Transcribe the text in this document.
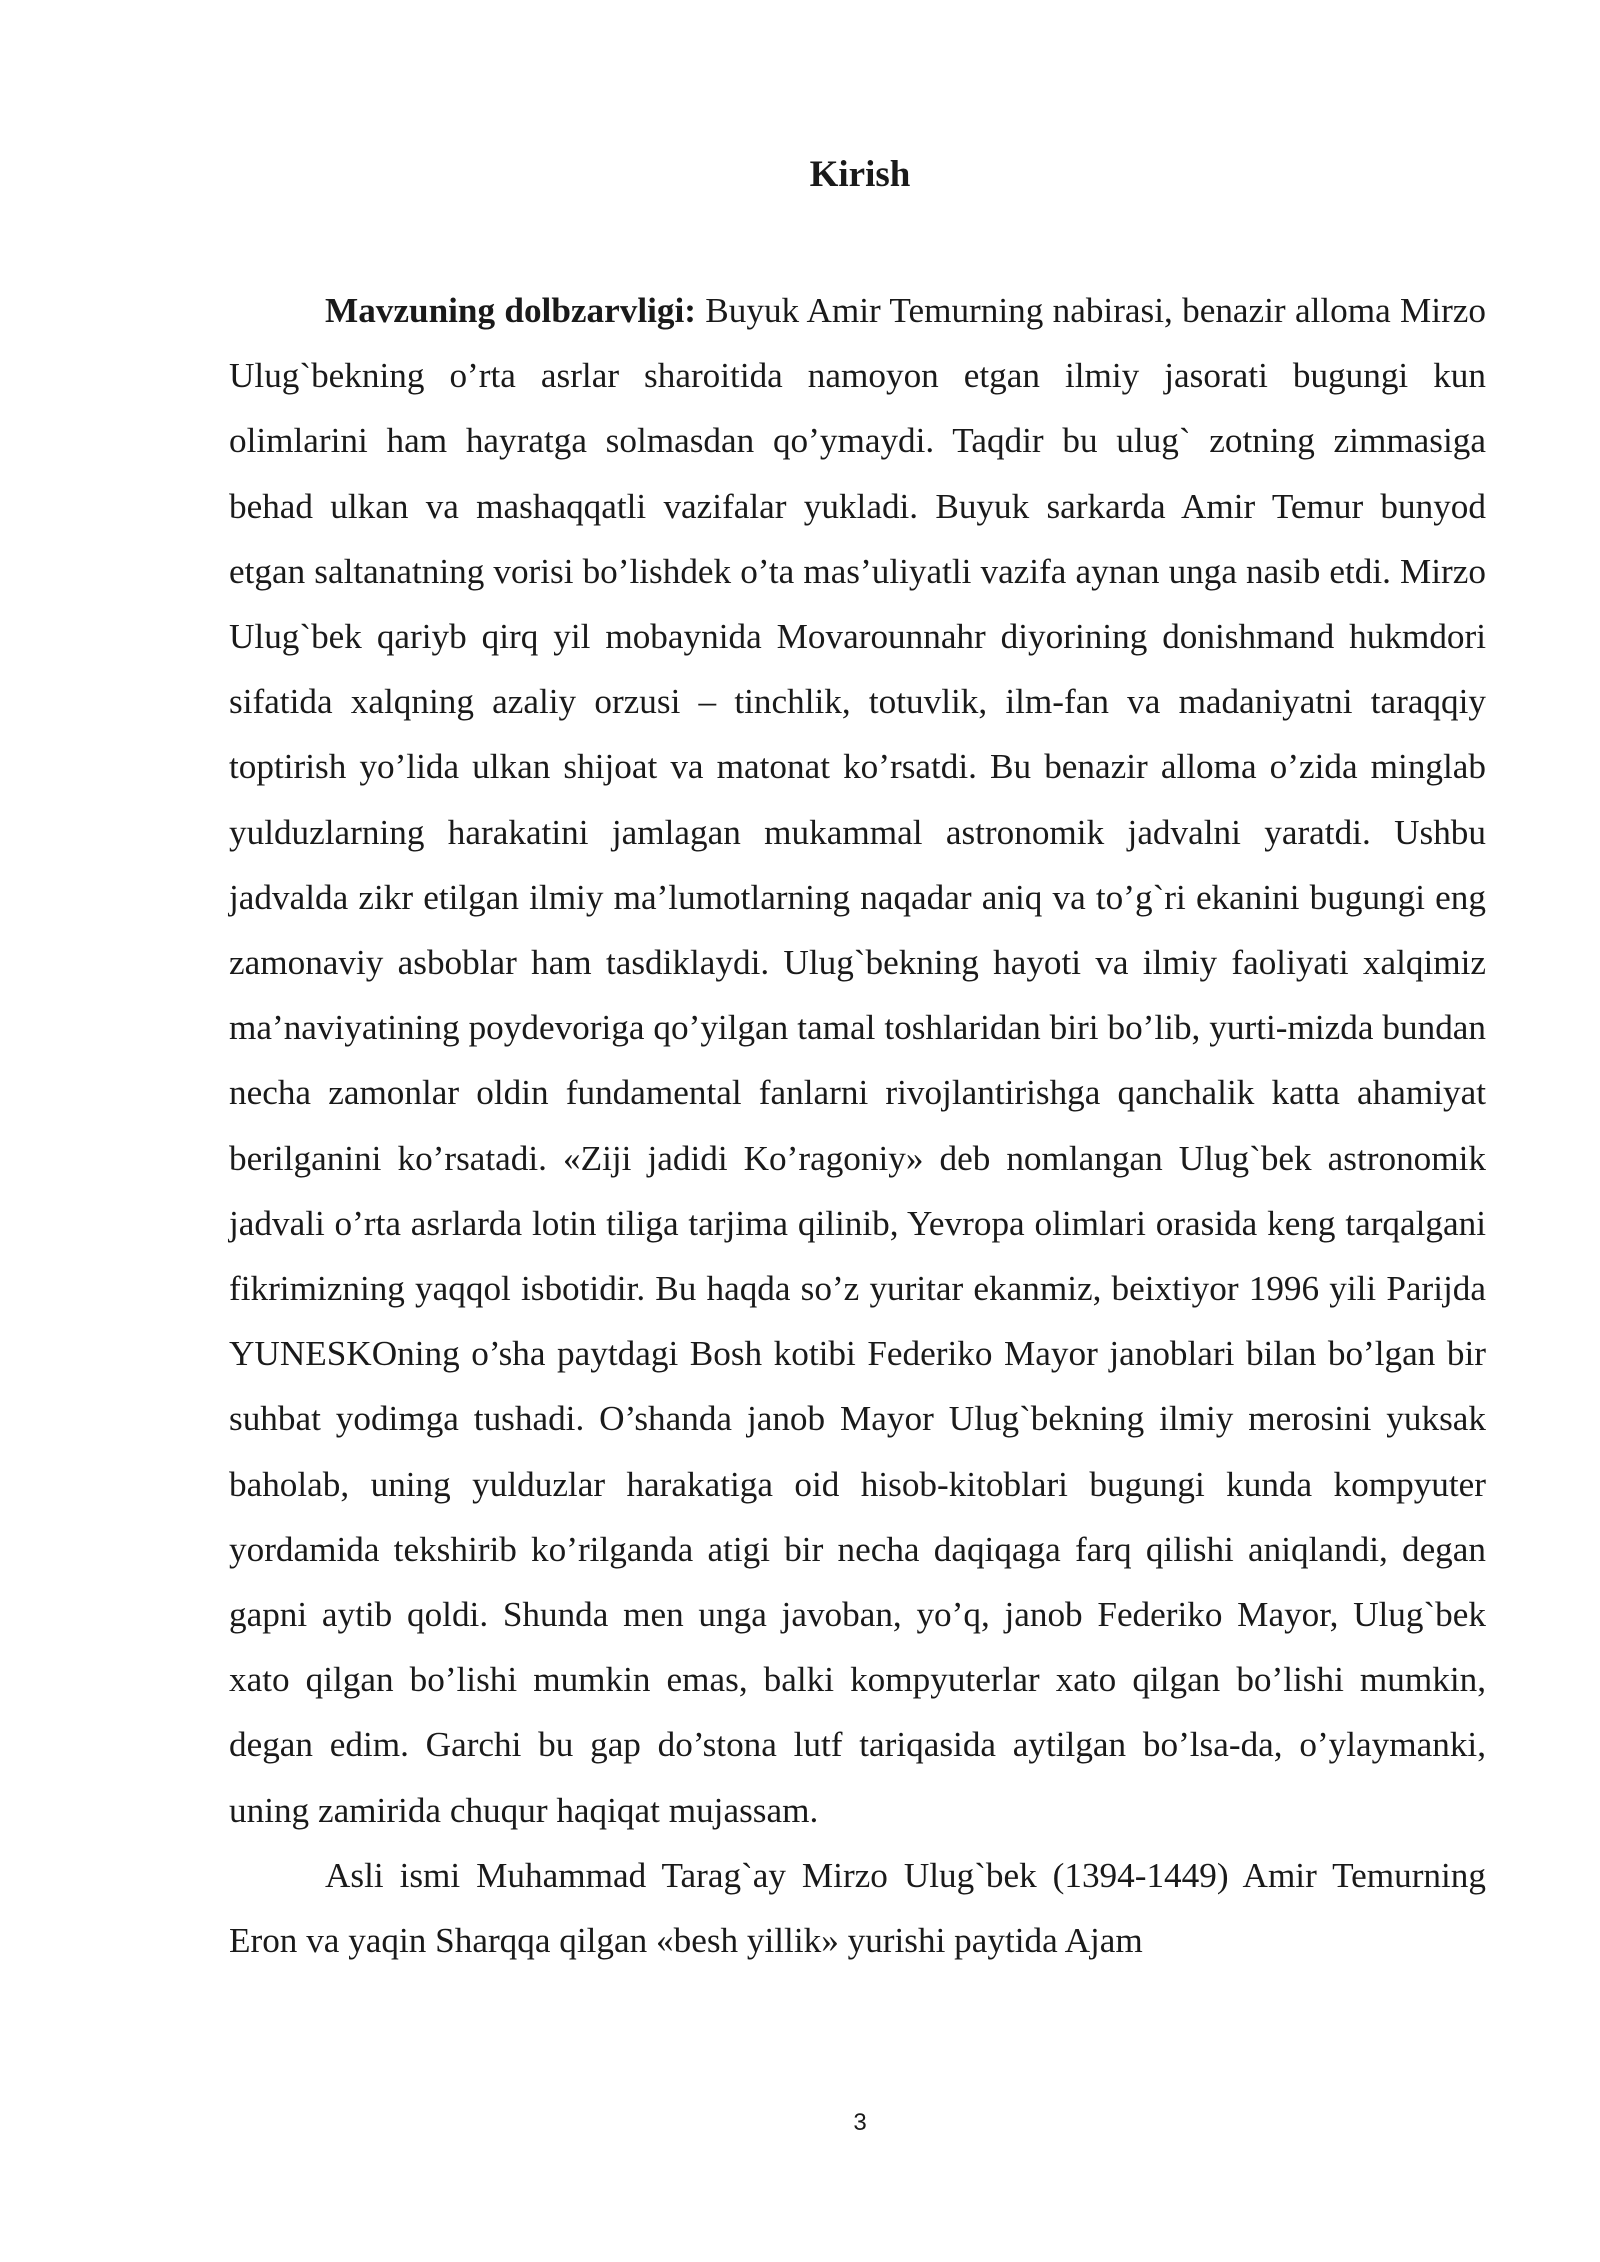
Kirish

Mavzuning dolbzarvligi: Buyuk Amir Temurning nabirasi, benazir alloma Mirzo Ulug`bekning o’rta asrlar sharoitida namoyon etgan ilmiy jasorati bugungi kun olimlarini ham hayratga solmasdan qo’ymaydi. Taqdir bu ulug` zotning zimmasiga behad ulkan va mashaqqatli vazifalar yukladi. Buyuk sarkarda Amir Temur bunyod etgan saltanatning vorisi bo’lishdek o’ta mas’uliyatli vazifa aynan unga nasib etdi. Mirzo Ulug`bek qariyb qirq yil mobaynida Movarounnahr diyorining donishmand hukmdori sifatida xalqning azaliy orzusi – tinchlik, totuvlik, ilm-fan va madaniyatni taraqqiy toptirish yo’lida ulkan shijoat va matonat ko’rsatdi. Bu benazir alloma o’zida minglab yulduzlarning harakatini jamlagan mukammal astronomik jadvalni yaratdi. Ushbu jadvalda zikr etilgan ilmiy ma’lumotlarning naqadar aniq va to’g`ri ekanini bugungi eng zamonaviy asboblar ham tasdiklaydi. Ulug`bekning hayoti va ilmiy faoliyati xalqimiz ma’naviyatining poydevoriga qo’yilgan tamal toshlaridan biri bo’lib, yurti-mizda bundan necha zamonlar oldin fundamental fanlarni rivojlantirishga qanchalik katta ahamiyat berilganini ko’rsatadi. «Ziji jadidi Ko’ragoniy» deb nomlangan Ulug`bek astronomik jadvali o’rta asrlarda lotin tiliga tarjima qilinib, Yevropa olimlari orasida keng tarqalgani fikrimizning yaqqol isbotidir. Bu haqda so’z yuritar ekanmiz, beixtiyor 1996 yili Parijda YUNESKOning o’sha paytdagi Bosh kotibi Federiko Mayor janoblari bilan bo’lgan bir suhbat yodimga tushadi. O’shanda janob Mayor Ulug`bekning ilmiy merosini yuksak baholab, uning yulduzlar harakatiga oid hisob-kitoblari bugungi kunda kompyuter yordamida tekshirib ko’rilganda atigi bir necha daqiqaga farq qilishi aniqlandi, degan gapni aytib qoldi. Shunda men unga javoban, yo’q, janob Federiko Mayor, Ulug`bek xato qilgan bo’lishi mumkin emas, balki kompyuterlar xato qilgan bo’lishi mumkin, degan edim. Garchi bu gap do’stona lutf tariqasida aytilgan bo’lsa-da, o’ylaymanki, uning zamirida chuqur haqiqat mujassam.

Asli ismi Muhammad Tarag`ay Mirzo Ulug`bek (1394-1449) Amir Temurning Eron va yaqin Sharqqa qilgan «besh yillik» yurishi paytida Ajam

3
